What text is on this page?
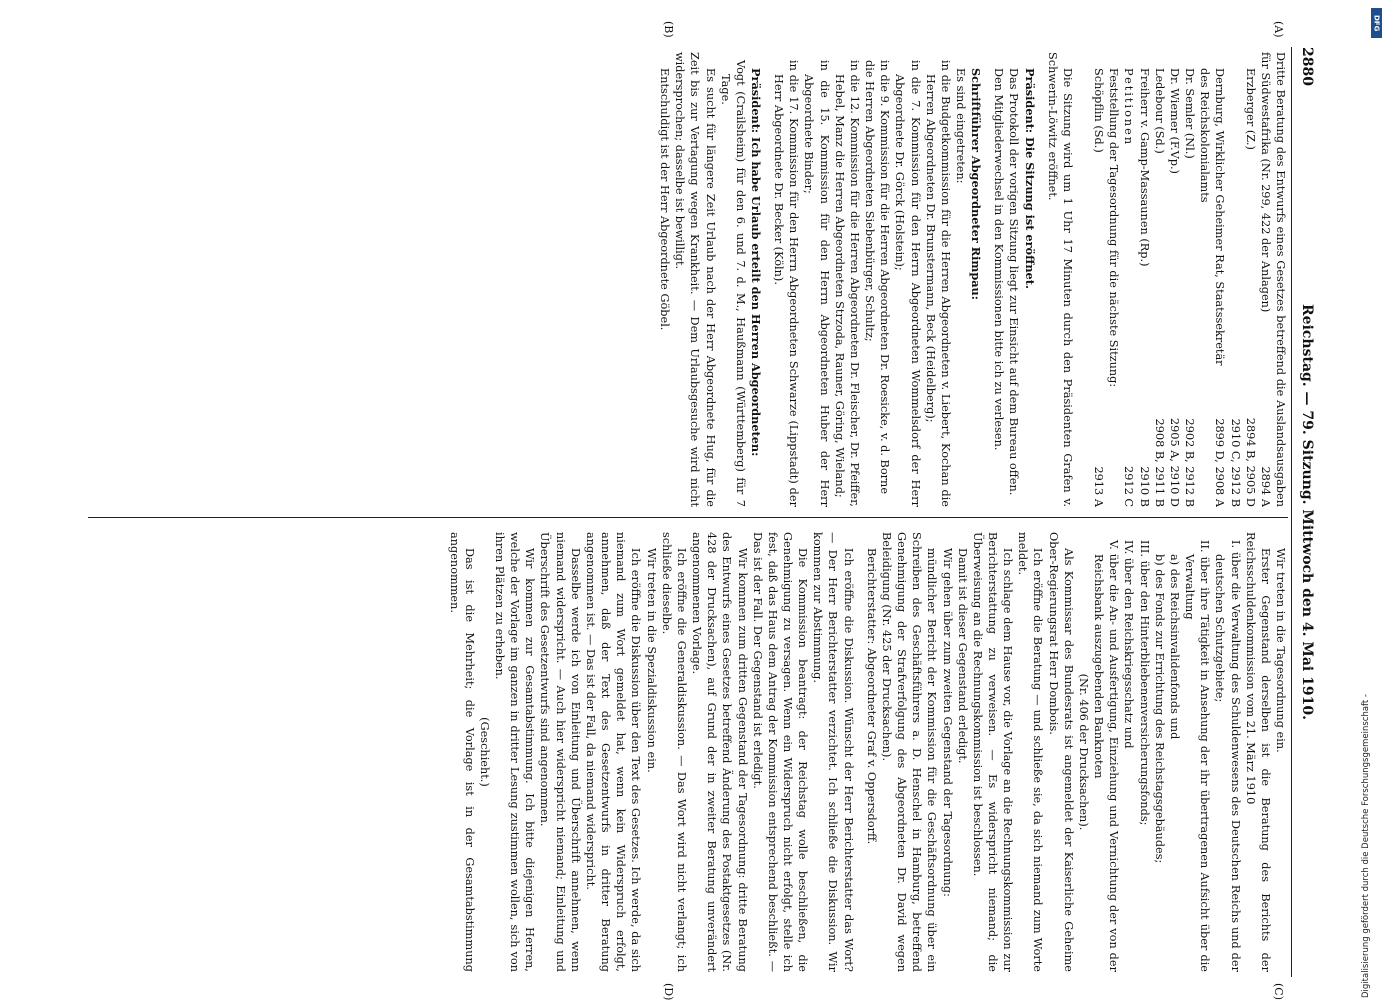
2880
Reichstag. — 79. Sitzung. Mittwoch den 4. Mai 1910.
(A)
(B)
(C)
(D)

Dritte Beratung des Entwurfs eines Gesetzes betreffend die Auslandsausgaben für Südwestafrika (Nr. 299, 422 der Anlagen)
2894 A

Erzberger (Z.)
2894 B, 2905 D
2910 C, 2912 B
Dernburg, Wirklicher Geheimer Rat, Staatssekretär des Reichskolonialamts
2899 D, 2908 A
Dr. Semler (Nl.)
2902 B, 2912 B
Dr. Wiemer (F.Vp.)
2905 A, 2910 D
Ledebour (Sd.)
2908 B, 2911 B
Freiherr v. Gamp-Massaunen (Rp.)
2910 B
Petitionen
2912 C
Feststellung der Tagesordnung für die nächste Sitzung:
Schöpflin (Sd.)
2913 A

Die Sitzung wird um 1 Uhr 17 Minuten durch den Präsidenten Grafen v. Schwerin-Löwitz eröffnet.

Präsident: Die Sitzung ist eröffnet.

Das Protokoll der vorigen Sitzung liegt zur Einsicht auf dem Bureau offen.

Den Mitgliederwechsel in den Kommissionen bitte ich zu verlesen.

Schriftführer Abgeordneter Rimpau:

Es sind eingetreten:

in die Budgetkommission für die Herren Abgeordneten v. Liebert, Kochan die Herren Abgeordneten Dr. Brunstermann, Beck (Heidelberg);

in die 7. Kommission für den Herrn Abgeordneten Wommelsdorf der Herr Abgeordnete Dr. Görck (Holstein);

in die 9. Kommission für die Herren Abgeordneten Dr. Roesicke, v. d. Borne

die Herren Abgeordneten Siebenbürger, Schultz;

in die 12. Kommission für die Herren Abgeordneten Dr. Fleischer, Dr. Pfeiffer, Hebel, Manz die Herren Abgeordneten Strzoda, Rauner, Göring, Wieland;

in die 15. Kommission für den Herrn Abgeordneten Huber der Herr Abgeordnete Binder;

in die 17. Kommission für den Herrn Abgeordneten Schwarze (Lippstadt) der Herr Abgeordnete Dr. Becker (Köln).

Präsident: Ich habe Urlaub erteilt den Herren Abgeordneten:

Vogt (Crailsheim) für den 6. und 7. d. M., Haußmann (Württemberg) für 7 Tage.

Es sucht für längere Zeit Urlaub nach der Herr Abgeordnete Hug, für die Zeit bis zur Vertagung wegen Krankheit. — Dem Urlaubsgesuche wird nicht widersprochen; dasselbe ist bewilligt.

Entschuldigt ist der Herr Abgeordnete Göbel.

Wir treten in die Tagesordnung ein.

Erster Gegenstand derselben ist die Beratung des Berichts der Reichsschuldenkommission vom 21. März 1910

I. über die Verwaltung des Schuldenwesens des Deutschen Reichs und der deutschen Schutzgebiete;

II. über ihre Tätigkeit in Ansehung der ihr übertragenen Aufsicht über die Verwaltung

a) des Reichsinvalidenfonds und

b) des Fonds zur Errichtung des Reichstagsgebäudes;

III. über den Hinterbliebenenversicherungsfonds;

IV. über den Reichskriegsschatz und

V. über die An- und Ausfertigung, Einziehung und Vernichtung der von der Reichsbank auszugebenden Banknoten

(Nr. 406 der Drucksachen).

Als Kommissar des Bundesrats ist angemeldet der Kaiserliche Geheime Ober-Regierungsrat Herr Dombois.

Ich eröffne die Beratung — und schließe sie, da sich niemand zum Worte meldet.

Ich schlage dem Hause vor, die Vorlage an die Rechnungskommission zur Berichterstattung zu verweisen. — Es widerspricht niemand; die Überweisung an die Rechnungskommission ist beschlossen.

Damit ist dieser Gegenstand erledigt.

Wir gehen über zum zweiten Gegenstand der Tagesordnung:

mündlicher Bericht der Kommission für die Geschäftsordnung über ein Schreiben des Geschäftsführers a. D. Henschel in Hamburg, betreffend Genehmigung der Strafverfolgung des Abgeordneten Dr. David wegen Beleidigung (Nr. 425 der Drucksachen).

Berichterstatter: Abgeordneter Graf v. Oppersdorff.

Ich eröffne die Diskussion. Wünscht der Herr Berichterstatter das Wort? — Der Herr Berichterstatter verzichtet. Ich schließe die Diskussion. Wir kommen zur Abstimmung.

Die Kommission beantragt: der Reichstag wolle beschließen, die Genehmigung zu versagen. Wenn ein Widerspruch nicht erfolgt, stelle ich fest, daß das Haus dem Antrag der Kommission entsprechend beschließt. — Das ist der Fall. Der Gegenstand ist erledigt.

Wir kommen zum dritten Gegenstand der Tagesordnung: dritte Beratung des Entwurfs eines Gesetzes betreffend Änderung des Postaktgesetzes (Nr. 428 der Drucksachen), auf Grund der in zweiter Beratung unverändert angenommenen Vorlage.

Ich eröffne die Generaldiskussion. — Das Wort wird nicht verlangt; ich schließe dieselbe.

Wir treten in die Spezialdiskussion ein.

Ich eröffne die Diskussion über den Text des Gesetzes. Ich werde, da sich niemand zum Wort gemeldet hat, wenn kein Widerspruch erfolgt, annehmen, daß der Text des Gesetzentwurfs in dritter Beratung angenommen ist. — Das ist der Fall, da niemand widerspricht.

Dasselbe werde ich von Einleitung und Überschrift annehmen, wenn niemand widerspricht. — Auch hier widerspricht niemand; Einleitung und Überschrift des Gesetzentwurfs sind angenommen.

Wir kommen zur Gesamtabstimmung. Ich bitte diejenigen Herren, welche der Vorlage im ganzen in dritter Lesung zustimmen wollen, sich von ihren Plätzen zu erheben.

(Geschieht.)

Das ist die Mehrheit; die Vorlage ist in der Gesamtabstimmung angenommen.

Digitalisierung gefördert durch die Deutsche Forschungsgemeinschaft -
DFG
